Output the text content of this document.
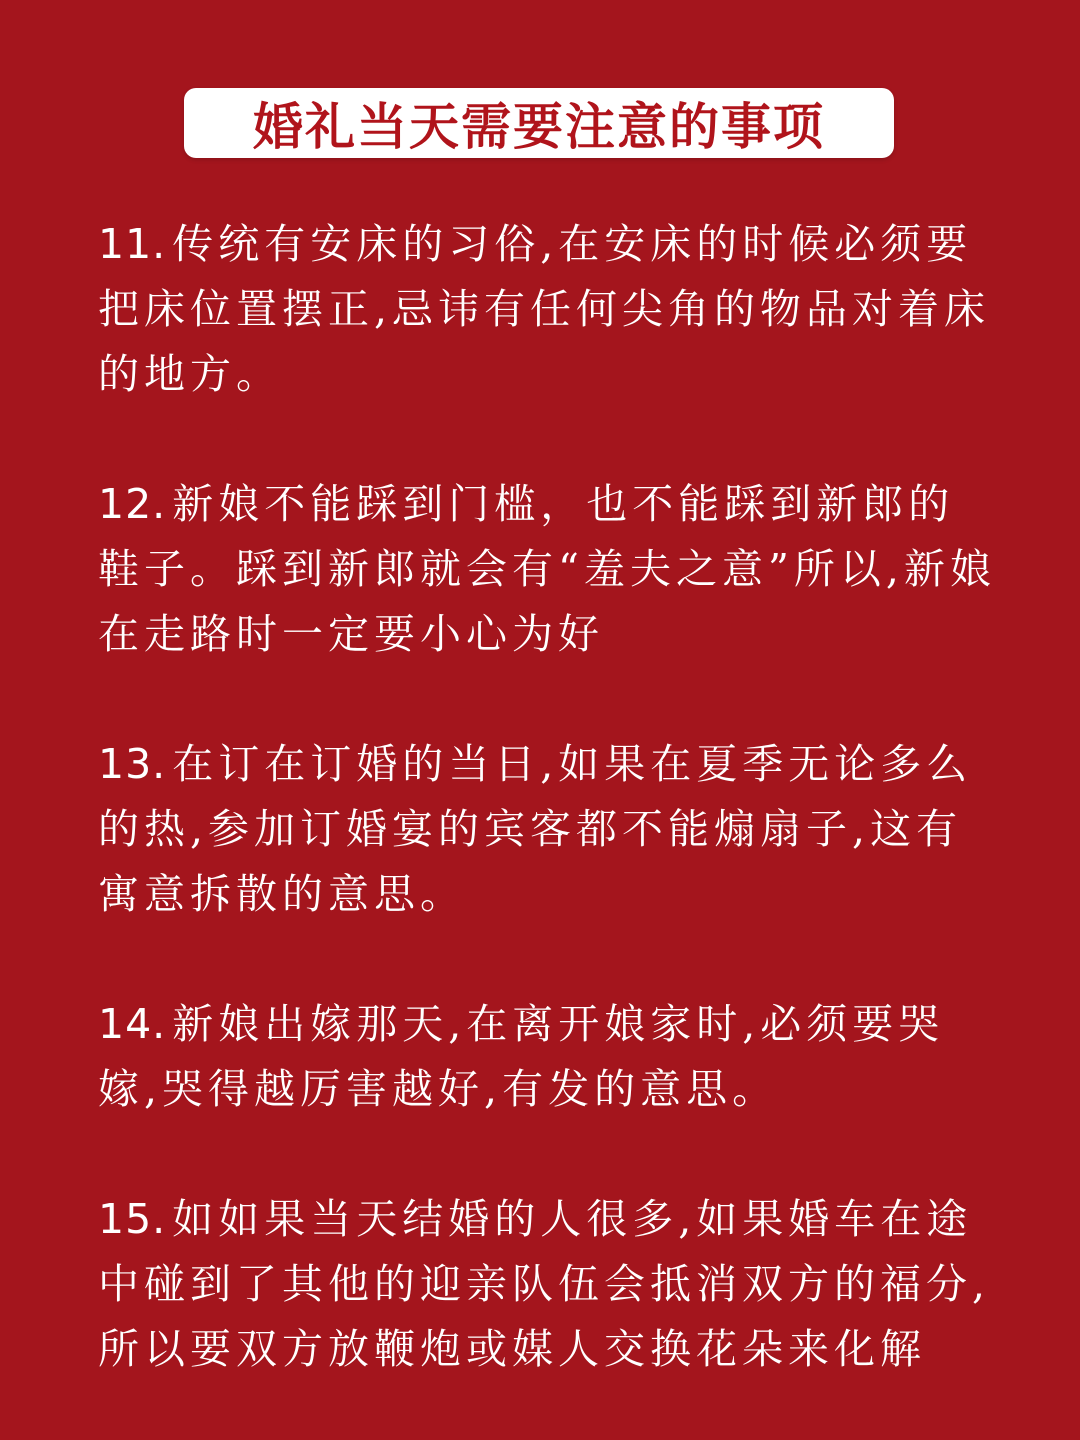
婚礼当天需要注意的事项

11. 传统有安床的习俗,在安床的时候必须要把床位置摆正,忌讳有任何尖角的物品对着床的地方。

12. 新娘不能踩到门槛，也不能踩到新郎的鞋子。踩到新郎就会有“羞夫之意”所以,新娘在走路时一定要小心为好

13. 在订在订婚的当日,如果在夏季无论多么的热,参加订婚宴的宾客都不能煽扇子,这有寓意拆散的意思。

14. 新娘出嫁那天,在离开娘家时,必须要哭嫁,哭得越厉害越好,有发的意思。

15. 如如果当天结婚的人很多,如果婚车在途中碰到了其他的迎亲队伍会抵消双方的福分,所以要双方放鞭炮或媒人交换花朵来化解
